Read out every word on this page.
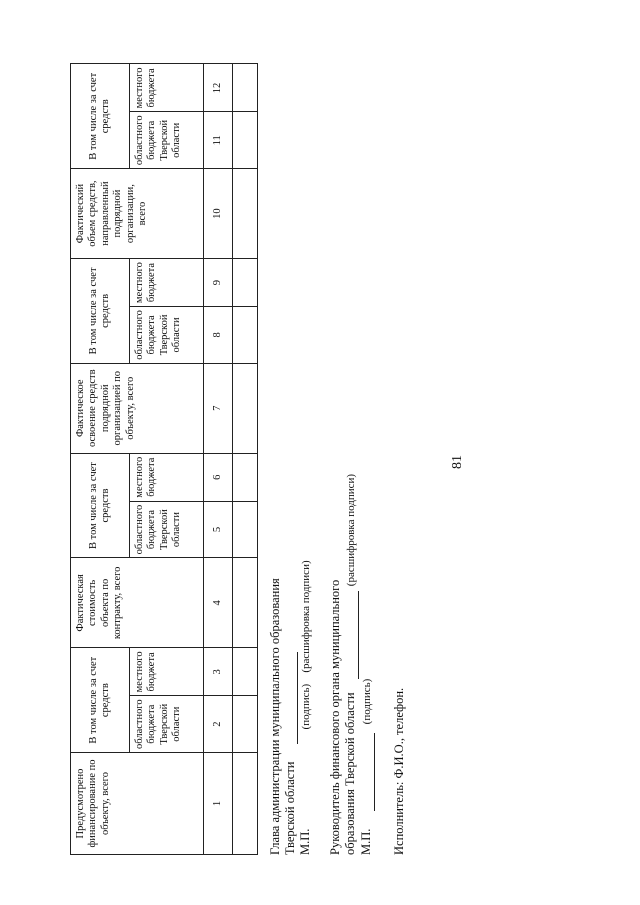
81
Предусмотрено финансирование по объекту, всего	В том числе за счет средств		Фактическая стоимость объекта по контракту, всего	В том числе за счет средств		Фактическое освоение средств подрядной организацией по объекту, всего	В том числе за счет средств		Фактический объем средств, направленный подрядной организации, всего	В том числе за счет средств	
	областного бюджета Тверской области	местного бюджета		областного бюджета Тверской области	местного бюджета		областного бюджета Тверской области	местного бюджета		областного бюджета Тверской области	местного бюджета
1	2	3	4	5	6	7	8	9	10	11	12

Глава администрации муниципального образования Тверской области М.П. (подпись) (расшифровка подписи) Руководитель финансового органа муниципального образования Тверской области  (расшифровка подписи)
М.П.  (подпись) Исполнитель: Ф.И.О., телефон.
